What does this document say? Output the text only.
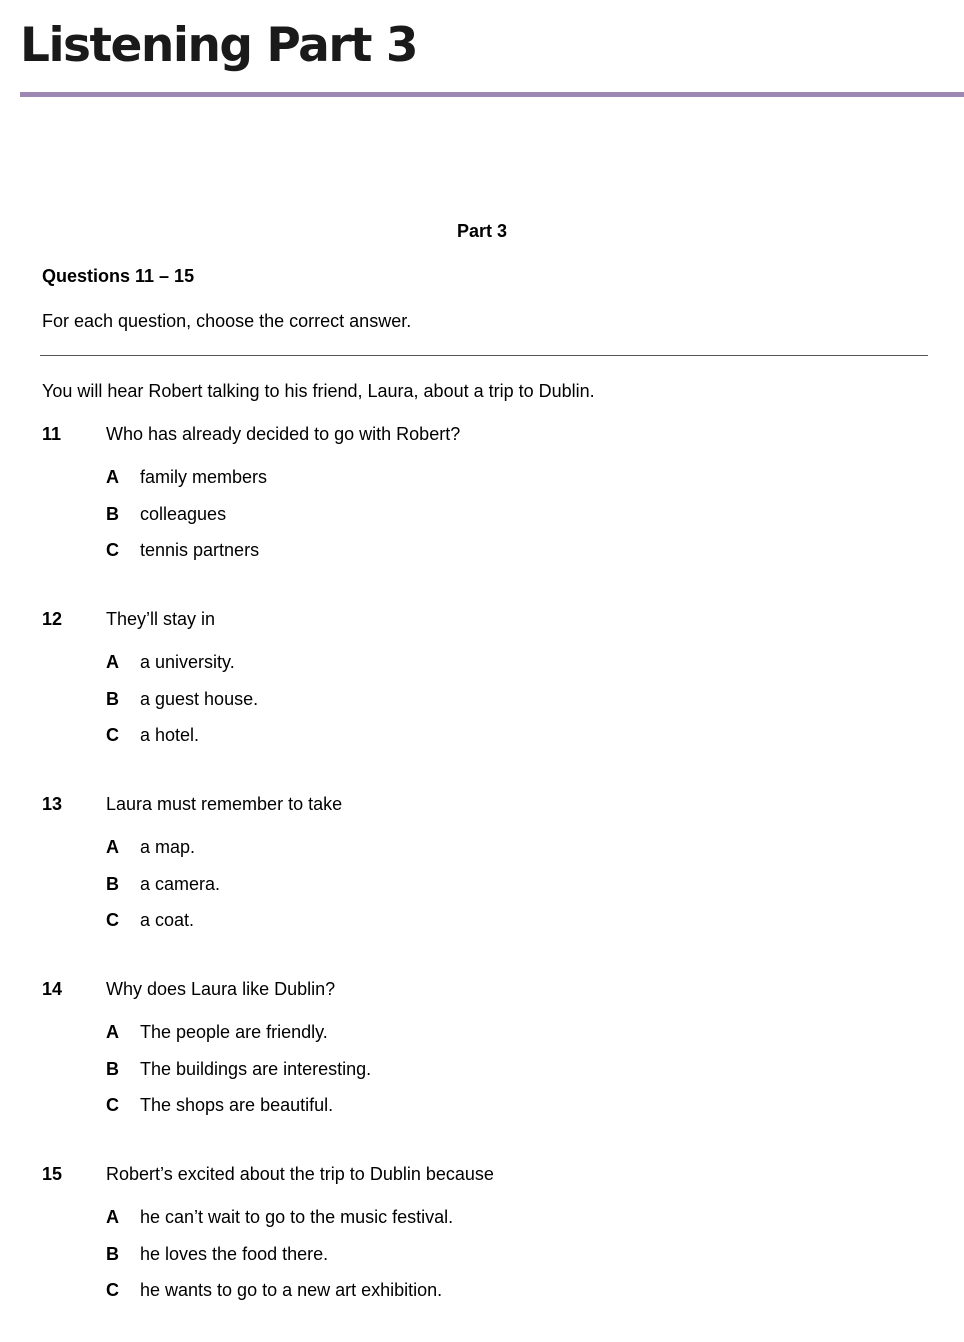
Listening Part 3
Part 3
Questions 11 – 15
For each question, choose the correct answer.
You will hear Robert talking to his friend, Laura, about a trip to Dublin.
11 Who has already decided to go with Robert?
A family members
B colleagues
C tennis partners
12 They’ll stay in
A a university.
B a guest house.
C a hotel.
13 Laura must remember to take
A a map.
B a camera.
C a coat.
14 Why does Laura like Dublin?
A The people are friendly.
B The buildings are interesting.
C The shops are beautiful.
15 Robert’s excited about the trip to Dublin because
A he can’t wait to go to the music festival.
B he loves the food there.
C he wants to go to a new art exhibition.
